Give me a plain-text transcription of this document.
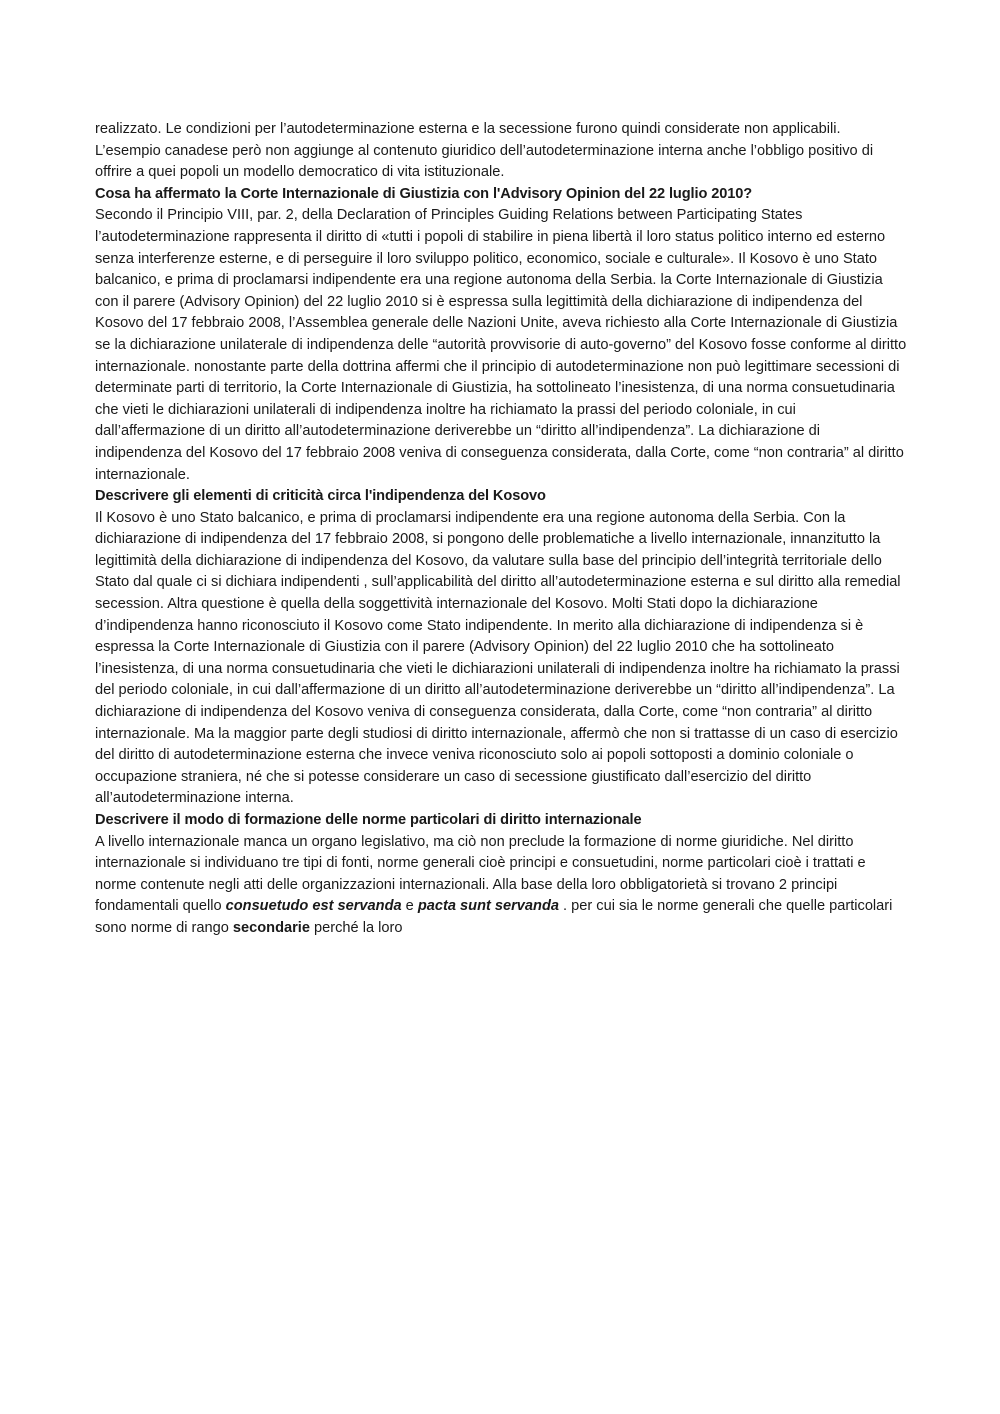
realizzato. Le condizioni per l’autodeterminazione esterna e la secessione furono quindi considerate non applicabili. L’esempio canadese però non aggiunge al contenuto giuridico dell’autodeterminazione interna anche l’obbligo positivo di offrire a quei popoli un modello democratico di vita istituzionale.

Cosa ha affermato la Corte Internazionale di Giustizia con l'Advisory Opinion del 22 luglio 2010?

Secondo il Principio VIII, par. 2, della Declaration of Principles Guiding Relations between Participating States l’autodeterminazione rappresenta il diritto di «tutti i popoli di stabilire in piena libertà il loro status politico interno ed esterno senza interferenze esterne, e di perseguire il loro sviluppo politico, economico, sociale e culturale». Il Kosovo è uno Stato balcanico, e prima di proclamarsi indipendente era una regione autonoma della Serbia. la Corte Internazionale di Giustizia con il parere (Advisory Opinion) del 22 luglio 2010 si è espressa sulla legittimità della dichiarazione di indipendenza del Kosovo del 17 febbraio 2008, l’Assemblea generale delle Nazioni Unite, aveva richiesto alla Corte Internazionale di Giustizia se la dichiarazione unilaterale di indipendenza delle “autorità provvisorie di auto-governo” del Kosovo fosse conforme al diritto internazionale. nonostante parte della dottrina affermi che il principio di autodeterminazione non può legittimare secessioni di determinate parti di territorio, la Corte Internazionale di Giustizia, ha sottolineato l’inesistenza, di una norma consuetudinaria che vieti le dichiarazioni unilaterali di indipendenza inoltre ha richiamato la prassi del periodo coloniale, in cui dall’affermazione di un diritto all’autodeterminazione deriverebbe un “diritto all’indipendenza”. La dichiarazione di indipendenza del Kosovo del 17 febbraio 2008 veniva di conseguenza considerata, dalla Corte, come “non contraria” al diritto internazionale.

Descrivere gli elementi di criticità circa l'indipendenza del Kosovo

Il Kosovo è uno Stato balcanico, e prima di proclamarsi indipendente era una regione autonoma della Serbia. Con la dichiarazione di indipendenza del 17 febbraio 2008, si pongono delle problematiche a livello internazionale, innanzitutto la legittimità della dichiarazione di indipendenza del Kosovo, da valutare sulla base del principio dell’integrità territoriale dello Stato dal quale ci si dichiara indipendenti , sull’applicabilità del diritto all’autodeterminazione esterna e sul diritto alla remedial secession. Altra questione è quella della soggettività internazionale del Kosovo. Molti Stati dopo la dichiarazione d’indipendenza hanno riconosciuto il Kosovo come Stato indipendente. In merito alla dichiarazione di indipendenza si è espressa la Corte Internazionale di Giustizia con il parere (Advisory Opinion) del 22 luglio 2010 che ha sottolineato l’inesistenza, di una norma consuetudinaria che vieti le dichiarazioni unilaterali di indipendenza inoltre ha richiamato la prassi del periodo coloniale, in cui dall’affermazione di un diritto all’autodeterminazione deriverebbe un “diritto all’indipendenza”. La dichiarazione di indipendenza del Kosovo veniva di conseguenza considerata, dalla Corte, come “non contraria” al diritto internazionale. Ma la maggior parte degli studiosi di diritto internazionale, affermò che non si trattasse di un caso di esercizio del diritto di autodeterminazione esterna che invece veniva riconosciuto solo ai popoli sottoposti a dominio coloniale o occupazione straniera, né che si potesse considerare un caso di secessione giustificato dall’esercizio del diritto all’autodeterminazione interna.

Descrivere il modo di formazione delle norme particolari di diritto internazionale

A livello internazionale manca un organo legislativo, ma ciò non preclude la formazione di norme giuridiche. Nel diritto internazionale si individuano tre tipi di fonti, norme generali cioè principi e consuetudini, norme particolari cioè i trattati e norme contenute negli atti delle organizzazioni internazionali. Alla base della loro obbligatorietà si trovano 2 principi fondamentali quello consuetudo est servanda e pacta sunt servanda . per cui sia le norme generali che quelle particolari sono norme di rango secondarie perché la loro
